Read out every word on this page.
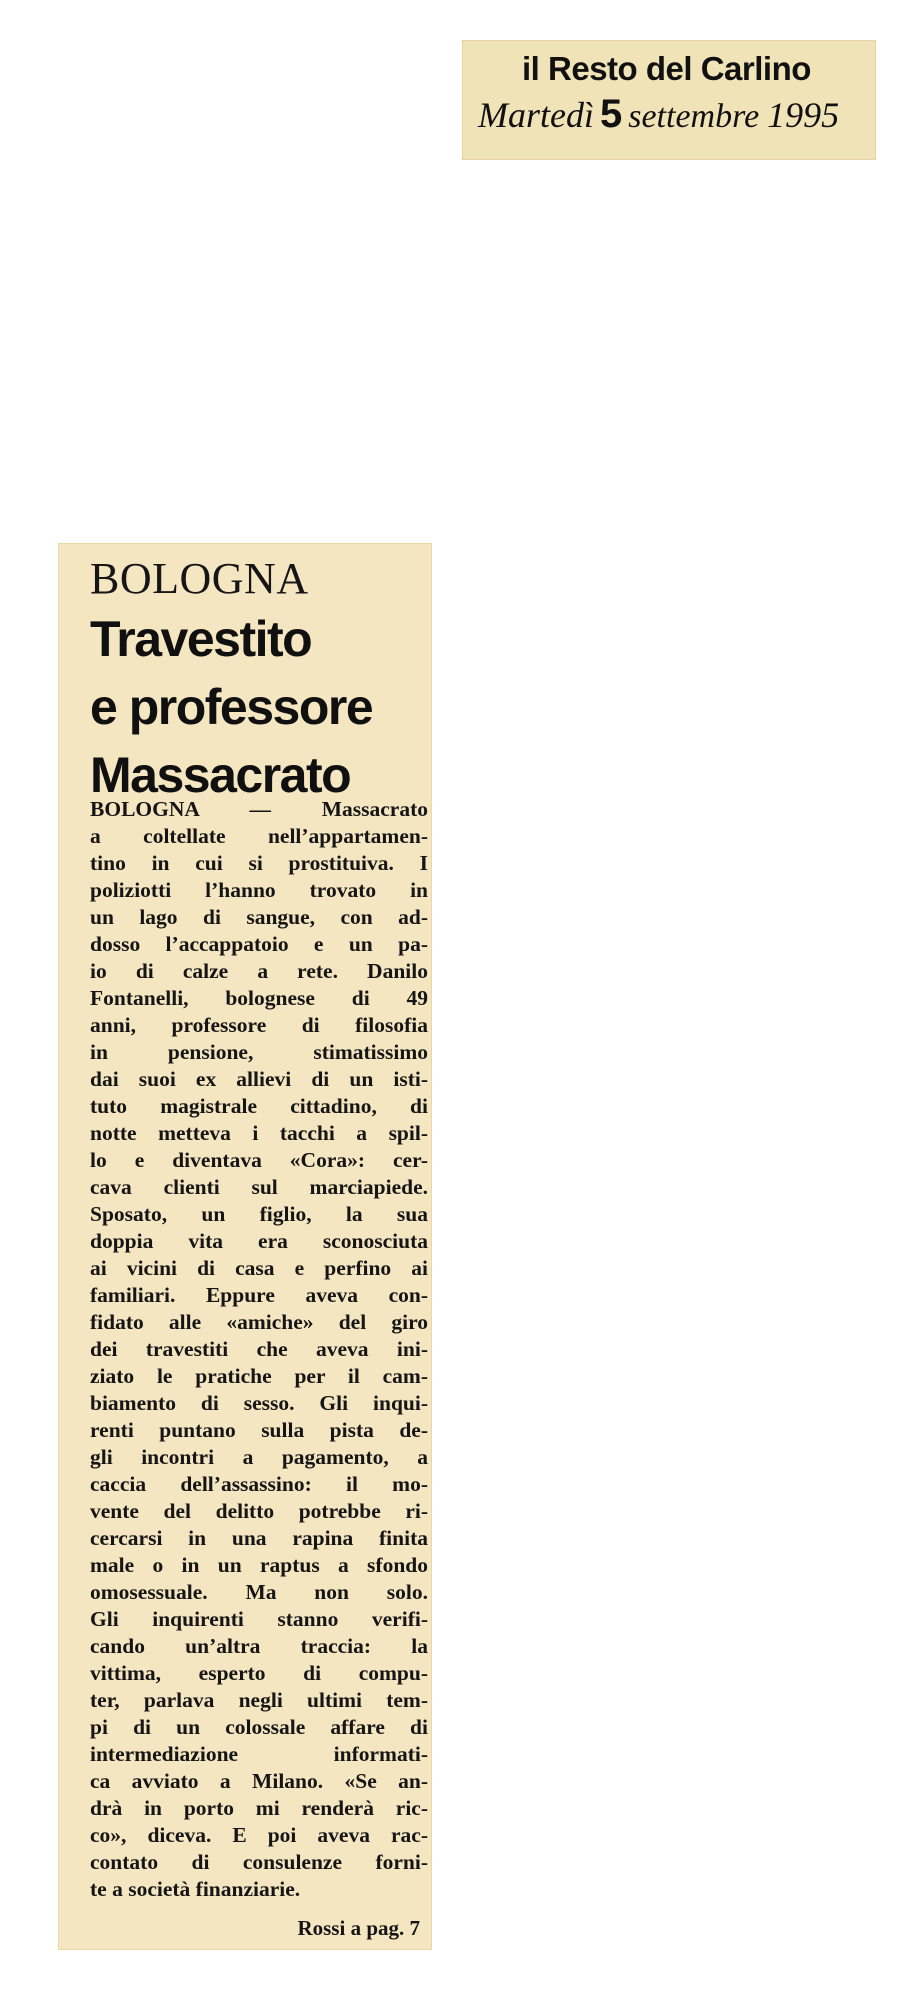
il Resto del Carlino
Martedì 5 settembre 1995
BOLOGNA
Travestito
e professore
Massacrato
BOLOGNA — Massacrato
a coltellate nell’appartamen-
tino in cui si prostituiva. I
poliziotti l’hanno trovato in
un lago di sangue, con ad-
dosso l’accappatoio e un pa-
io di calze a rete. Danilo
Fontanelli, bolognese di 49
anni, professore di filosofia
in pensione, stimatissimo
dai suoi ex allievi di un isti-
tuto magistrale cittadino, di
notte metteva i tacchi a spil-
lo e diventava «Cora»: cer-
cava clienti sul marciapiede.
Sposato, un figlio, la sua
doppia vita era sconosciuta
ai vicini di casa e perfino ai
familiari. Eppure aveva con-
fidato alle «amiche» del giro
dei travestiti che aveva ini-
ziato le pratiche per il cam-
biamento di sesso. Gli inqui-
renti puntano sulla pista de-
gli incontri a pagamento, a
caccia dell’assassino: il mo-
vente del delitto potrebbe ri-
cercarsi in una rapina finita
male o in un raptus a sfondo
omosessuale. Ma non solo.
Gli inquirenti stanno verifi-
cando un’altra traccia: la
vittima, esperto di compu-
ter, parlava negli ultimi tem-
pi di un colossale affare di
intermediazione informati-
ca avviato a Milano. «Se an-
drà in porto mi renderà ric-
co», diceva. E poi aveva rac-
contato di consulenze forni-
te a società finanziarie.
Rossi a pag. 7
